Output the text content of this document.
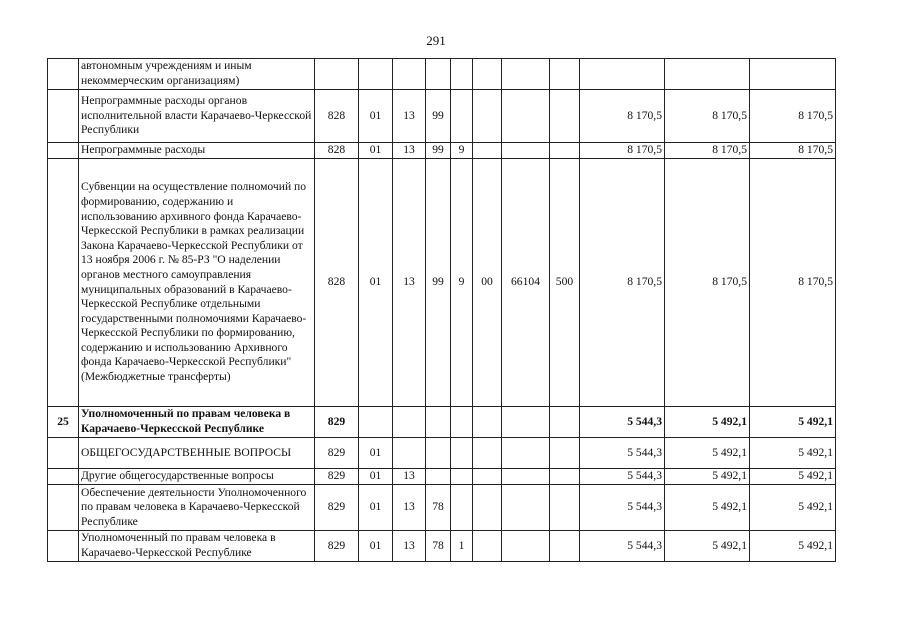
291
	автономным учреждениям и иным некоммерческим организациям)											
	Непрограммные расходы органов исполнительной власти Карачаево-Черкесской Республики	828	01	13	99					8 170,5	8 170,5	8 170,5
	Непрограммные расходы	828	01	13	99	9				8 170,5	8 170,5	8 170,5
	Субвенции на осуществление полномочий по формированию, содержанию и использованию архивного фонда Карачаево-Черкесской Республики в рамках реализации Закона Карачаево-Черкесской Республики от 13 ноября 2006 г. № 85-РЗ "О наделении органов местного самоуправления муниципальных образований в Карачаево-Черкесской Республике отдельными государственными полномочиями Карачаево-Черкесской Республики по формированию, содержанию и использованию Архивного фонда Карачаево-Черкесской Республики" (Межбюджетные трансферты)	828	01	13	99	9	00	66104	500	8 170,5	8 170,5	8 170,5
25	Уполномоченный по правам человека в Карачаево-Черкесской Республике	829								5 544,3	5 492,1	5 492,1
	ОБЩЕГОСУДАРСТВЕННЫЕ ВОПРОСЫ	829	01							5 544,3	5 492,1	5 492,1
	Другие общегосударственные вопросы	829	01	13						5 544,3	5 492,1	5 492,1
	Обеспечение деятельности Уполномоченного по правам человека в Карачаево-Черкесской Республике	829	01	13	78					5 544,3	5 492,1	5 492,1
	Уполномоченный по правам человека в Карачаево-Черкесской Республике	829	01	13	78	1				5 544,3	5 492,1	5 492,1
